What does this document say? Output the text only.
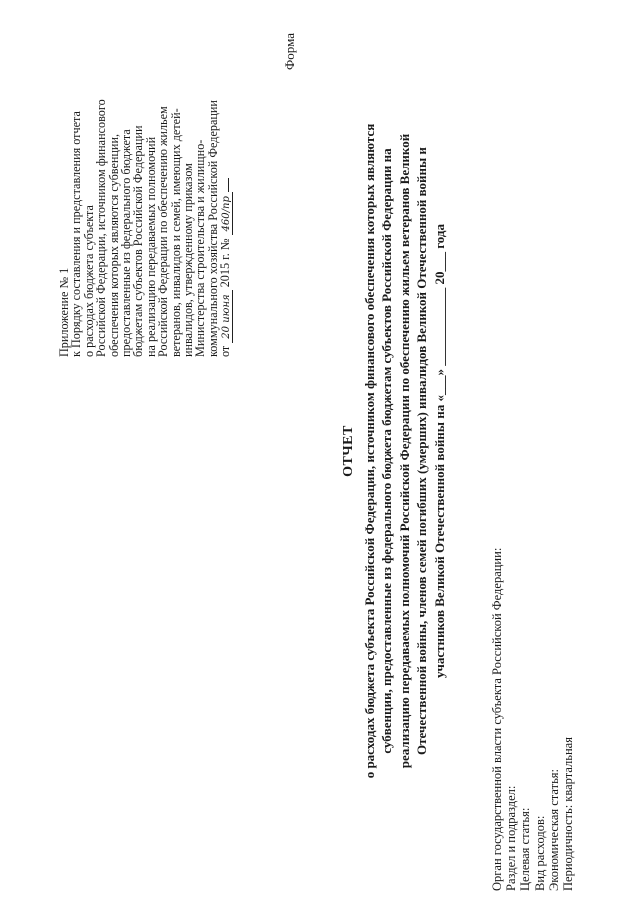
Приложение № 1
к Порядку составления и представления отчета
о расходах бюджета субъекта
Российской Федерации, источником финансового
обеспечения которых являются субвенции,
предоставленные из федерального бюджета
бюджетам субъектов Российской Федерации
на реализацию передаваемых полномочий
Российской Федерации по обеспечению жильем
ветеранов, инвалидов и семей, имеющих детей-
инвалидов, утвержденному приказом
Министерства строительства и жилищно-
коммунального хозяйства Российской Федерации
от 20 июня 2015 г. № 460/пр
Форма
ОТЧЕТ о расходах бюджета субъекта Российской Федерации, источником финансового обеспечения которых являются субвенции, предоставленные из федерального бюджета бюджетам субъектов Российской Федерации на реализацию передаваемых полномочий Российской Федерации по обеспечению жильем ветеранов Великой Отечественной войны, членов семей погибших (умерших) инвалидов Великой Отечественной войны и участников Великой Отечественной войны на «___» ____________ 20___ года
Орган государственной власти субъекта Российской Федерации: Раздел и подраздел: Целевая статья: Вид расходов: Экономическая статья: Периодичность: квартальная
